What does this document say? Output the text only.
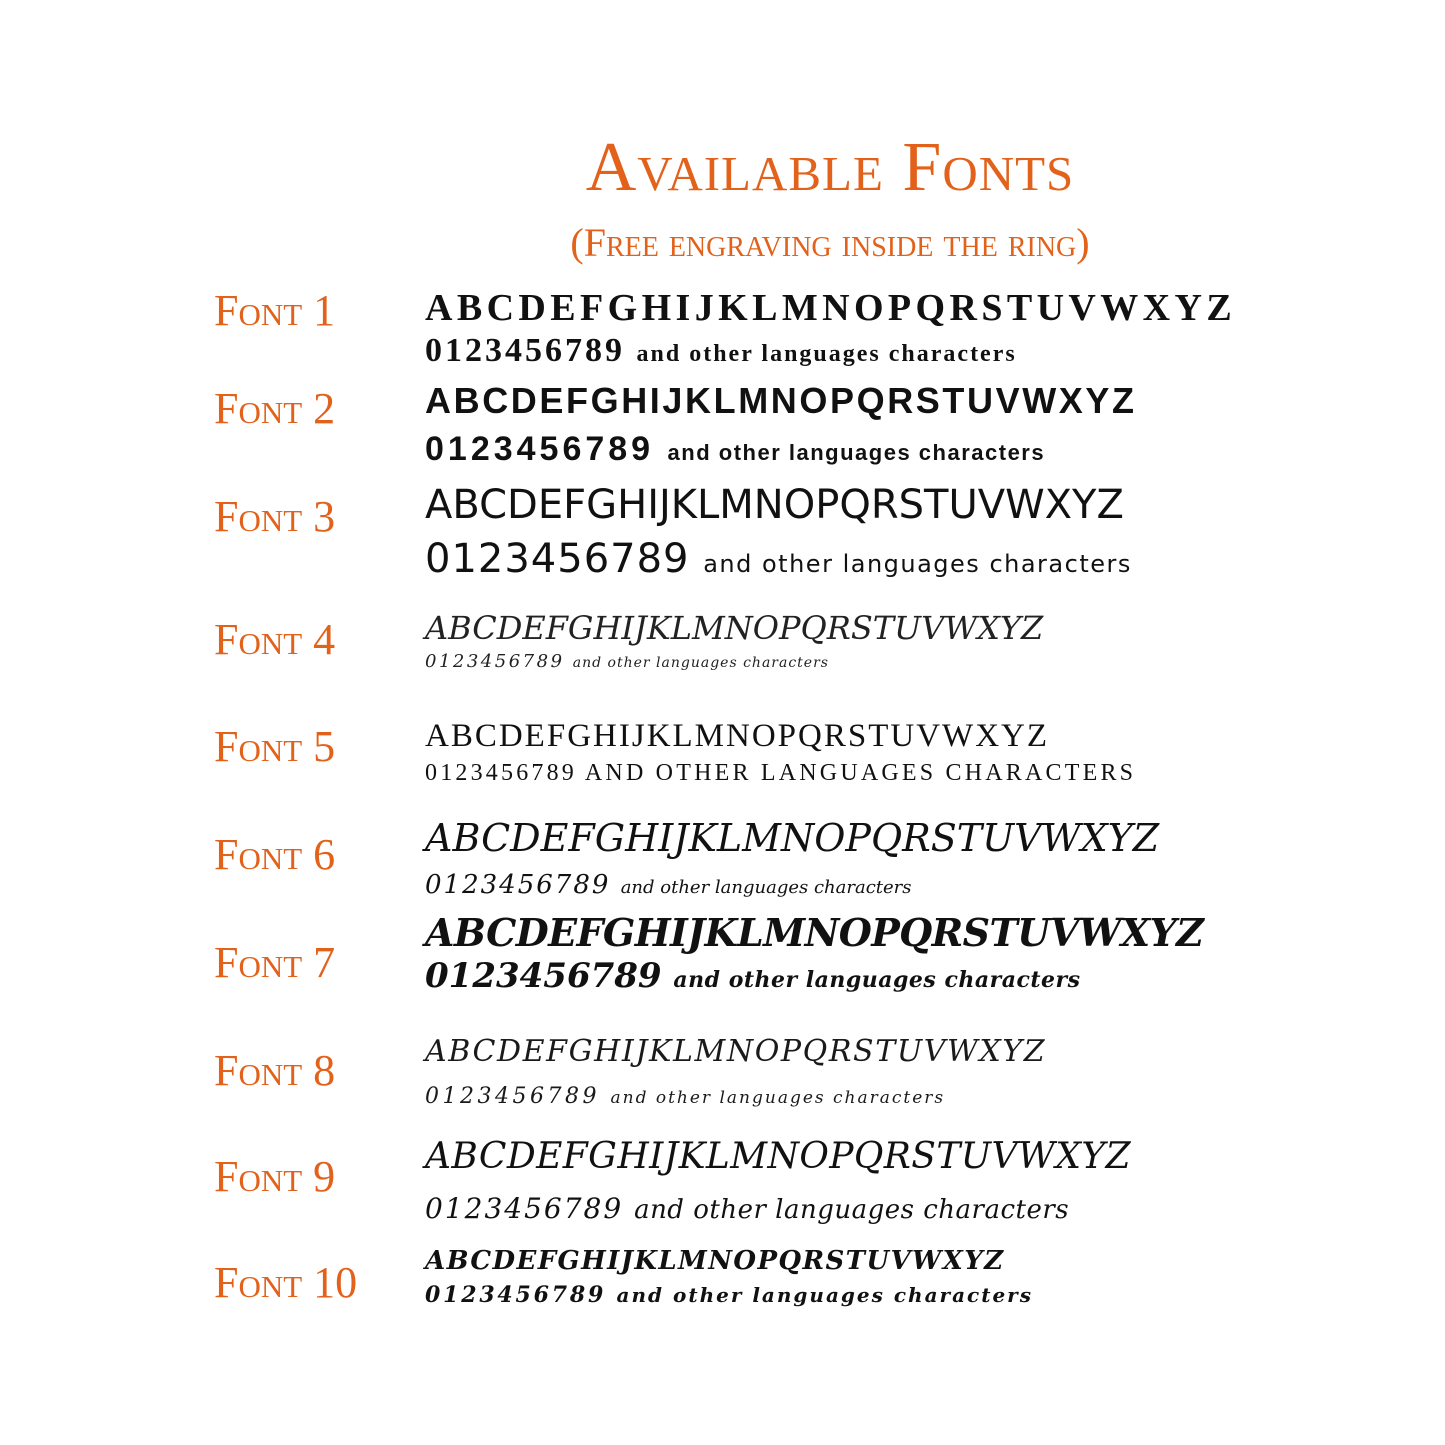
Available Fonts
(Free engraving inside the ring)
Font 1 ABCDEFGHIJKLMNOPQRSTUVWXYZ
0123456789 and other languages characters
Font 2 ABCDEFGHIJKLMNOPQRSTUVWXYZ
0123456789 and other languages characters
Font 3 ABCDEFGHIJKLMNOPQRSTUVWXYZ
0123456789 and other languages characters
Font 4	ABCDEFGHIJKLMNOPQRSTUVWXYZ
0123456789 and other languages characters
Font 5	ABCDEFGHIJKLMNOPQRSTUVWXYZ
0123456789 AND OTHER LANGUAGES CHARACTERS
Font 6 ABCDEFGHIJKLMNOPQRSTUVWXYZ
0123456789 and other languages characters
Font 7
ABCDEFGHIJKLMNOPQRSTUVWXYZ
0123456789 and other languages characters
Font 8	ABCDEFGHIJKLMNOPQRSTUVWXYZ
0123456789 and other languages characters
Font 9 ABCDEFGHIJKLMNOPQRSTUVWXYZ
0123456789 and other languages characters
Font 10	ABCDEFGHIJKLMNOPQRSTUVWXYZ
0123456789 and other languages characters
